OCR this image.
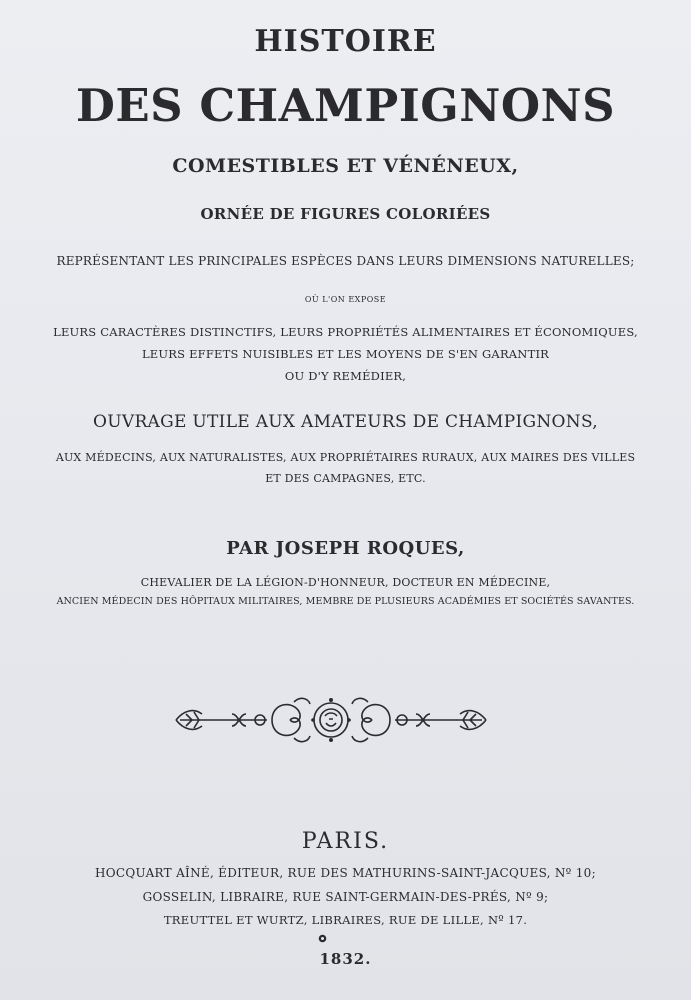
HISTOIRE
DES CHAMPIGNONS
COMESTIBLES ET VÉNÉNEUX,
ORNÉE DE FIGURES COLORIÉES
REPRÉSENTANT LES PRINCIPALES ESPÈCES DANS LEURS DIMENSIONS NATURELLES;
OÙ L'ON EXPOSE
LEURS CARACTÈRES DISTINCTIFS, LEURS PROPRIÉTÉS ALIMENTAIRES ET ÉCONOMIQUES,
LEURS EFFETS NUISIBLES ET LES MOYENS DE S'EN GARANTIR
OU D'Y REMÉDIER,
OUVRAGE UTILE AUX AMATEURS DE CHAMPIGNONS,
AUX MÉDECINS, AUX NATURALISTES, AUX PROPRIÉTAIRES RURAUX, AUX MAIRES DES VILLES
ET DES CAMPAGNES, ETC.
PAR JOSEPH ROQUES,
CHEVALIER DE LA LÉGION-D'HONNEUR, DOCTEUR EN MÉDECINE,
ANCIEN MÉDECIN DES HÔPITAUX MILITAIRES, MEMBRE DE PLUSIEURS ACADÉMIES ET SOCIÉTÉS SAVANTES.
PARIS.
HOCQUART AÎNÉ, ÉDITEUR, RUE DES MATHURINS-SAINT-JACQUES, Nº 10;
GOSSELIN, LIBRAIRE, RUE SAINT-GERMAIN-DES-PRÉS, Nº 9;
TREUTTEL ET WURTZ, LIBRAIRES, RUE DE LILLE, Nº 17.
1832.
